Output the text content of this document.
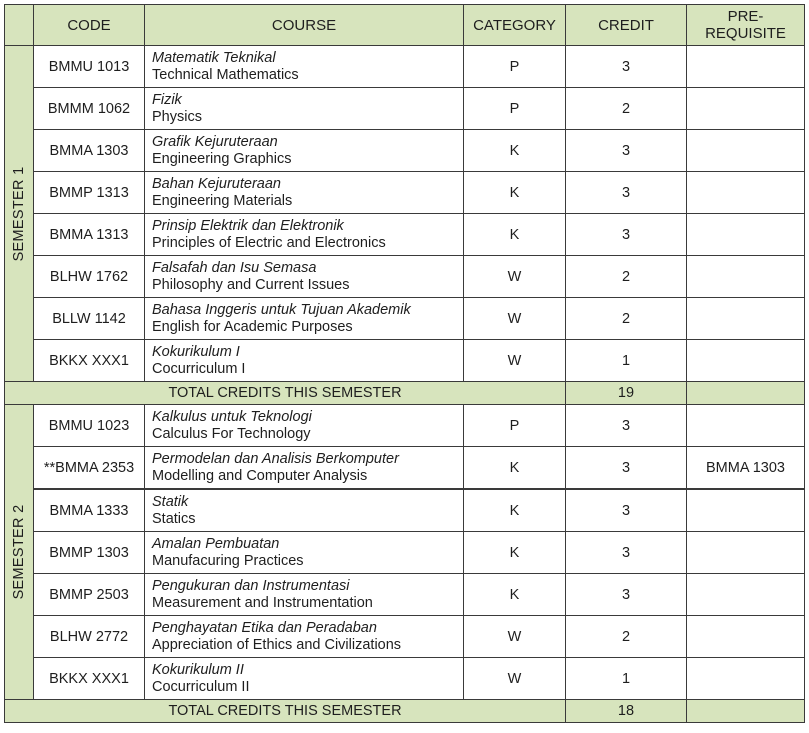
	CODE	COURSE	CATEGORY	CREDIT	PRE-
REQUISITE

SEMESTER 1	BMMU 1013	Matematik Teknikal
Technical Mathematics	P	3	
	BMMM 1062	Fizik
Physics	P	2	
	BMMA 1303	Grafik Kejuruteraan
Engineering Graphics	K	3	
	BMMP 1313	Bahan Kejuruteraan
Engineering Materials	K	3	
	BMMA 1313	Prinsip Elektrik dan Elektronik
Principles of Electric and Electronics	K	3	
	BLHW 1762	Falsafah dan Isu Semasa
Philosophy and Current Issues	W	2	
	BLLW 1142	Bahasa Inggeris untuk Tujuan Akademik
English for Academic Purposes	W	2	
	BKKX XXX1	Kokurikulum I
Cocurriculum I	W	1	
TOTAL CREDITS THIS SEMESTER				19	

SEMESTER 2	BMMU 1023	Kalkulus untuk Teknologi
Calculus For Technology	P	3	
	**BMMA 2353	Permodelan dan Analisis Berkomputer
Modelling and Computer Analysis	K	3	BMMA 1303
	BMMA 1333	Statik
Statics	K	3	
	BMMP 1303	Amalan Pembuatan
Manufacuring Practices	K	3	
	BMMP 2503	Pengukuran dan Instrumentasi
Measurement and Instrumentation	K	3	
	BLHW 2772	Penghayatan Etika dan Peradaban
Appreciation of Ethics and Civilizations	W	2	
	BKKX XXX1	Kokurikulum II
Cocurriculum II	W	1	
TOTAL CREDITS THIS SEMESTER				18	
